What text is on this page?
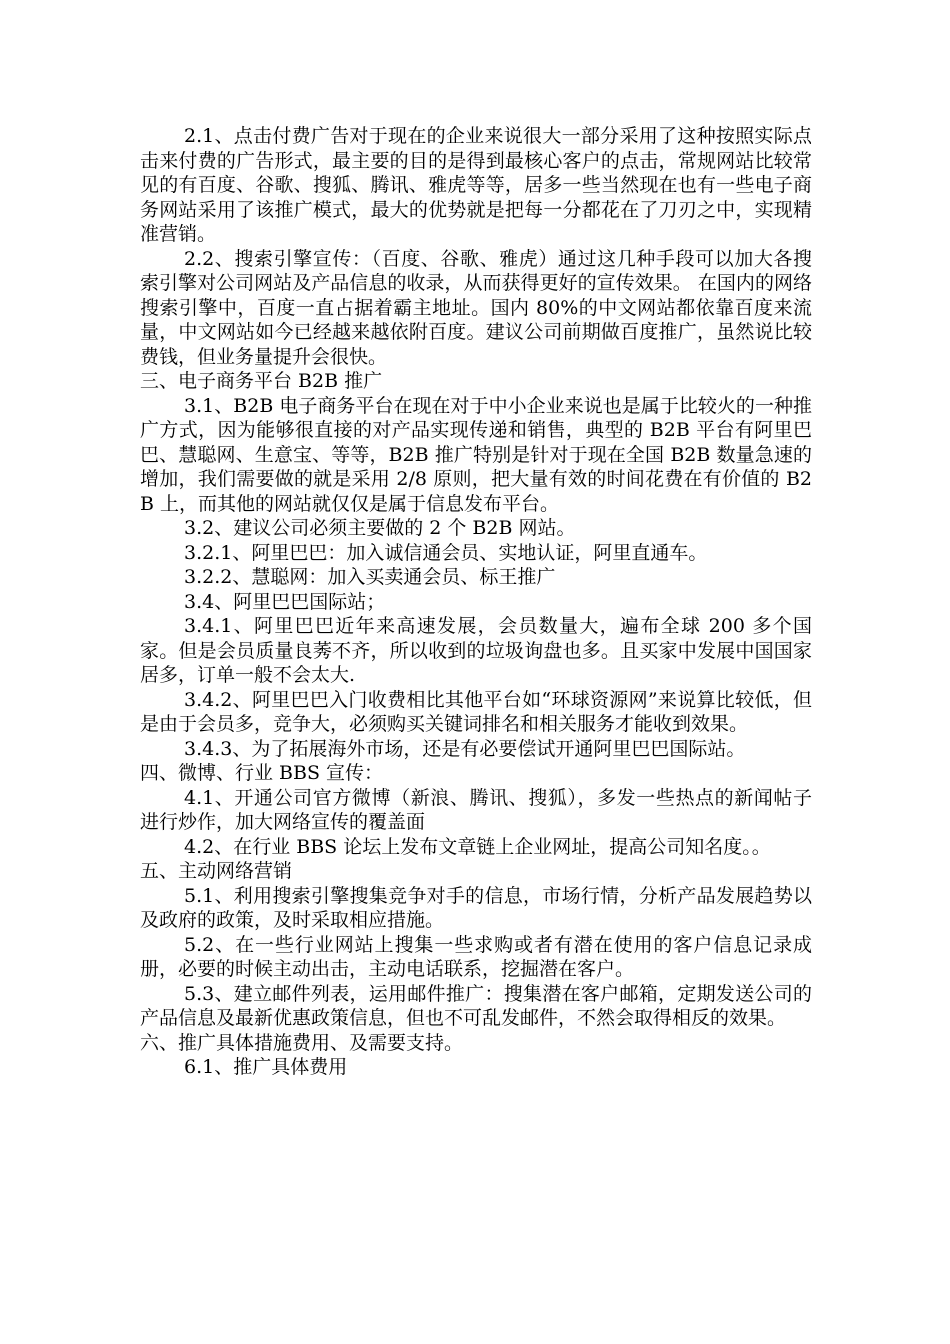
2.1、点击付费广告对于现在的企业来说很大一部分采用了这种按照实际点击来付费的广告形式，最主要的目的是得到最核心客户的点击，常规网站比较常见的有百度、谷歌、搜狐、腾讯、雅虎等等，居多一些当然现在也有一些电子商务网站采用了该推广模式，最大的优势就是把每一分都花在了刀刃之中，实现精准营销。

2.2、搜索引擎宣传：（百度、谷歌、雅虎）通过这几种手段可以加大各搜索引擎对公司网站及产品信息的收录，从而获得更好的宣传效果。 在国内的网络搜索引擎中，百度一直占据着霸主地址。国内 80%的中文网站都依靠百度来流量，中文网站如今已经越来越依附百度。建议公司前期做百度推广，虽然说比较费钱，但业务量提升会很快。

三、电子商务平台 B2B 推广

3.1、B2B 电子商务平台在现在对于中小企业来说也是属于比较火的一种推广方式，因为能够很直接的对产品实现传递和销售，典型的 B2B 平台有阿里巴巴、慧聪网、生意宝、等等，B2B 推广特别是针对于现在全国 B2B 数量急速的增加，我们需要做的就是采用 2/8 原则，把大量有效的时间花费在有价值的 B2B 上，而其他的网站就仅仅是属于信息发布平台。

3.2、建议公司必须主要做的 2 个 B2B 网站。

3.2.1、阿里巴巴：加入诚信通会员、实地认证，阿里直通车。

3.2.2、慧聪网：加入买卖通会员、标王推广

3.4、阿里巴巴国际站；

3.4.1、阿里巴巴近年来高速发展，会员数量大，遍布全球 200 多个国家。但是会员质量良莠不齐，所以收到的垃圾询盘也多。且买家中发展中国国家居多，订单一般不会太大.

3.4.2、阿里巴巴入门收费相比其他平台如“环球资源网”来说算比较低，但是由于会员多，竞争大，必须购买关键词排名和相关服务才能收到效果。

3.4.3、为了拓展海外市场，还是有必要偿试开通阿里巴巴国际站。

四、微博、行业 BBS 宣传：

4.1、开通公司官方微博（新浪、腾讯、搜狐），多发一些热点的新闻帖子进行炒作，加大网络宣传的覆盖面

4.2、在行业 BBS 论坛上发布文章链上企业网址，提高公司知名度。。

五、主动网络营销

5.1、利用搜索引擎搜集竞争对手的信息，市场行情，分析产品发展趋势以及政府的政策，及时采取相应措施。

5.2、在一些行业网站上搜集一些求购或者有潜在使用的客户信息记录成册，必要的时候主动出击，主动电话联系，挖掘潜在客户。

5.3、建立邮件列表，运用邮件推广：搜集潜在客户邮箱，定期发送公司的产品信息及最新优惠政策信息，但也不可乱发邮件，不然会取得相反的效果。

六、推广具体措施费用、及需要支持。

6.1、推广具体费用
